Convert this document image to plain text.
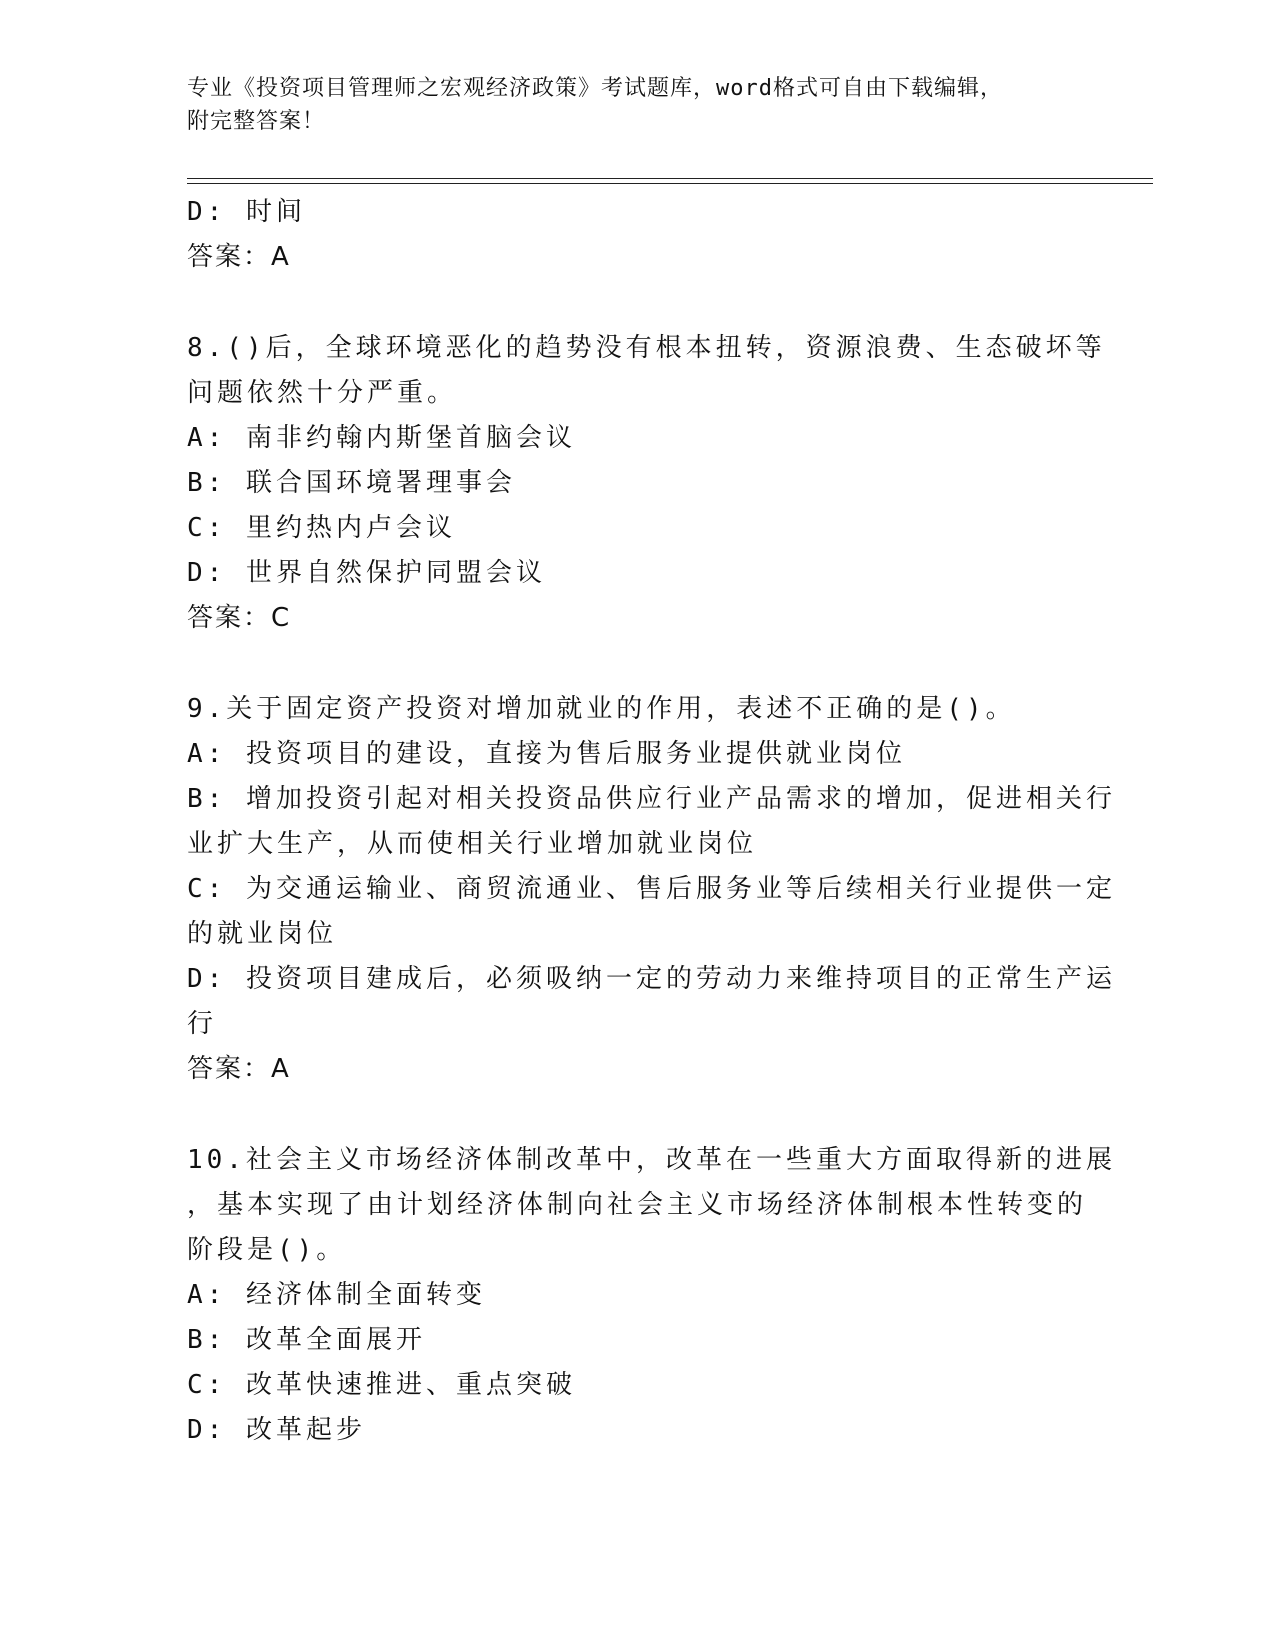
专业《投资项目管理师之宏观经济政策》考试题库，word格式可自由下载编辑，
附完整答案！
D: 时间
答案：A
8.()后，全球环境恶化的趋势没有根本扭转，资源浪费、生态破坏等
问题依然十分严重。
A: 南非约翰内斯堡首脑会议
B: 联合国环境署理事会
C: 里约热内卢会议
D: 世界自然保护同盟会议
答案：C
9.关于固定资产投资对增加就业的作用，表述不正确的是()。
A: 投资项目的建设，直接为售后服务业提供就业岗位
B: 增加投资引起对相关投资品供应行业产品需求的增加，促进相关行
业扩大生产，从而使相关行业增加就业岗位
C: 为交通运输业、商贸流通业、售后服务业等后续相关行业提供一定
的就业岗位
D: 投资项目建成后，必须吸纳一定的劳动力来维持项目的正常生产运
行
答案：A
10.社会主义市场经济体制改革中，改革在一些重大方面取得新的进展
，基本实现了由计划经济体制向社会主义市场经济体制根本性转变的
阶段是()。
A: 经济体制全面转变
B: 改革全面展开
C: 改革快速推进、重点突破
D: 改革起步
